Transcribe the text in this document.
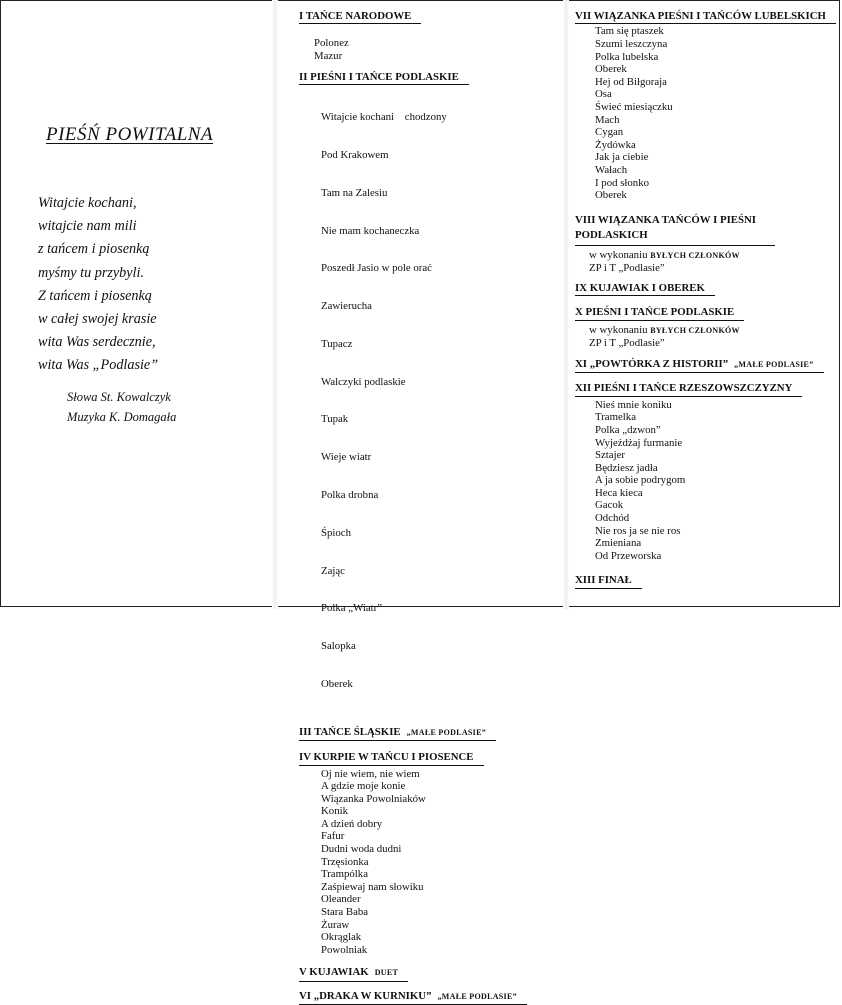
PIEŚŃ POWITALNA
Witajcie kochani,
witajcie nam mili
z tańcem i piosenką
myśmy tu przybyli.
Z tańcem i piosenką
w całej swojej krasie
wita Was serdecznie,
wita Was „Podlasie”
Słowa St. Kowalczyk
Muzyka K. Domagała
I TAŃCE NARODOWE
Polonez
Mazur
II PIEŚNI I TAŃCE PODLASKIE

Witajcie kochani    chodzony

Pod Krakowem

Tam na Zalesiu

Nie mam kochaneczka

Poszedł Jasio w pole orać

Zawierucha

Tupacz

Walczyki podlaskie

Tupak

Wieje wiatr

Polka drobna

Śpioch

Zając

Polka „Wiatr”

Salopka

Oberek

III TAŃCE ŚLĄSKIE „MAŁE PODLASIE”
IV KURPIE W TAŃCU I PIOSENCE
Oj nie wiem, nie wiem
A gdzie moje konie
Wiązanka Powolniaków
Konik
A dzień dobry
Fafur
Dudni woda dudni
Trzęsionka
Trampólka
Zaśpiewaj nam słowiku
Oleander
Stara Baba
Żuraw
Okrąglak
Powolniak
V KUJAWIAK DUET
VI „DRAKA W KURNIKU” „MAŁE PODLASIE”
VII WIĄZANKA PIEŚNI I TAŃCÓW LUBELSKICH
Tam się ptaszek
Szumi leszczyna
Polka lubelska
Oberek
Hej od Biłgoraja
Osa
Świeć miesiączku
Mach
Cygan
Żydówka
Jak ja ciebie
Wałach
I pod słonko
Oberek
VIII WIĄZANKA TAŃCÓW I PIEŚNI PODLASKICH
w wykonaniu BYŁYCH CZŁONKÓW
ZP i T „Podlasie”
IX KUJAWIAK I OBEREK
X PIEŚNI I TAŃCE PODLASKIE
w wykonaniu BYŁYCH CZŁONKÓW
ZP i T „Podlasie”
XI „POWTÓRKA Z HISTORII” „MAŁE PODLASIE”
XII PIEŚNI I TAŃCE RZESZOWSZCZYZNY
Nieś mnie koniku
Tramelka
Polka „dzwon”
Wyjeżdżaj furmanie
Sztajer
Będziesz jadła
A ja sobie podrygom
Heca kieca
Gacok
Odchód
Nie ros ja se nie ros
Zmieniana
Od Przeworska
XIII FINAŁ
